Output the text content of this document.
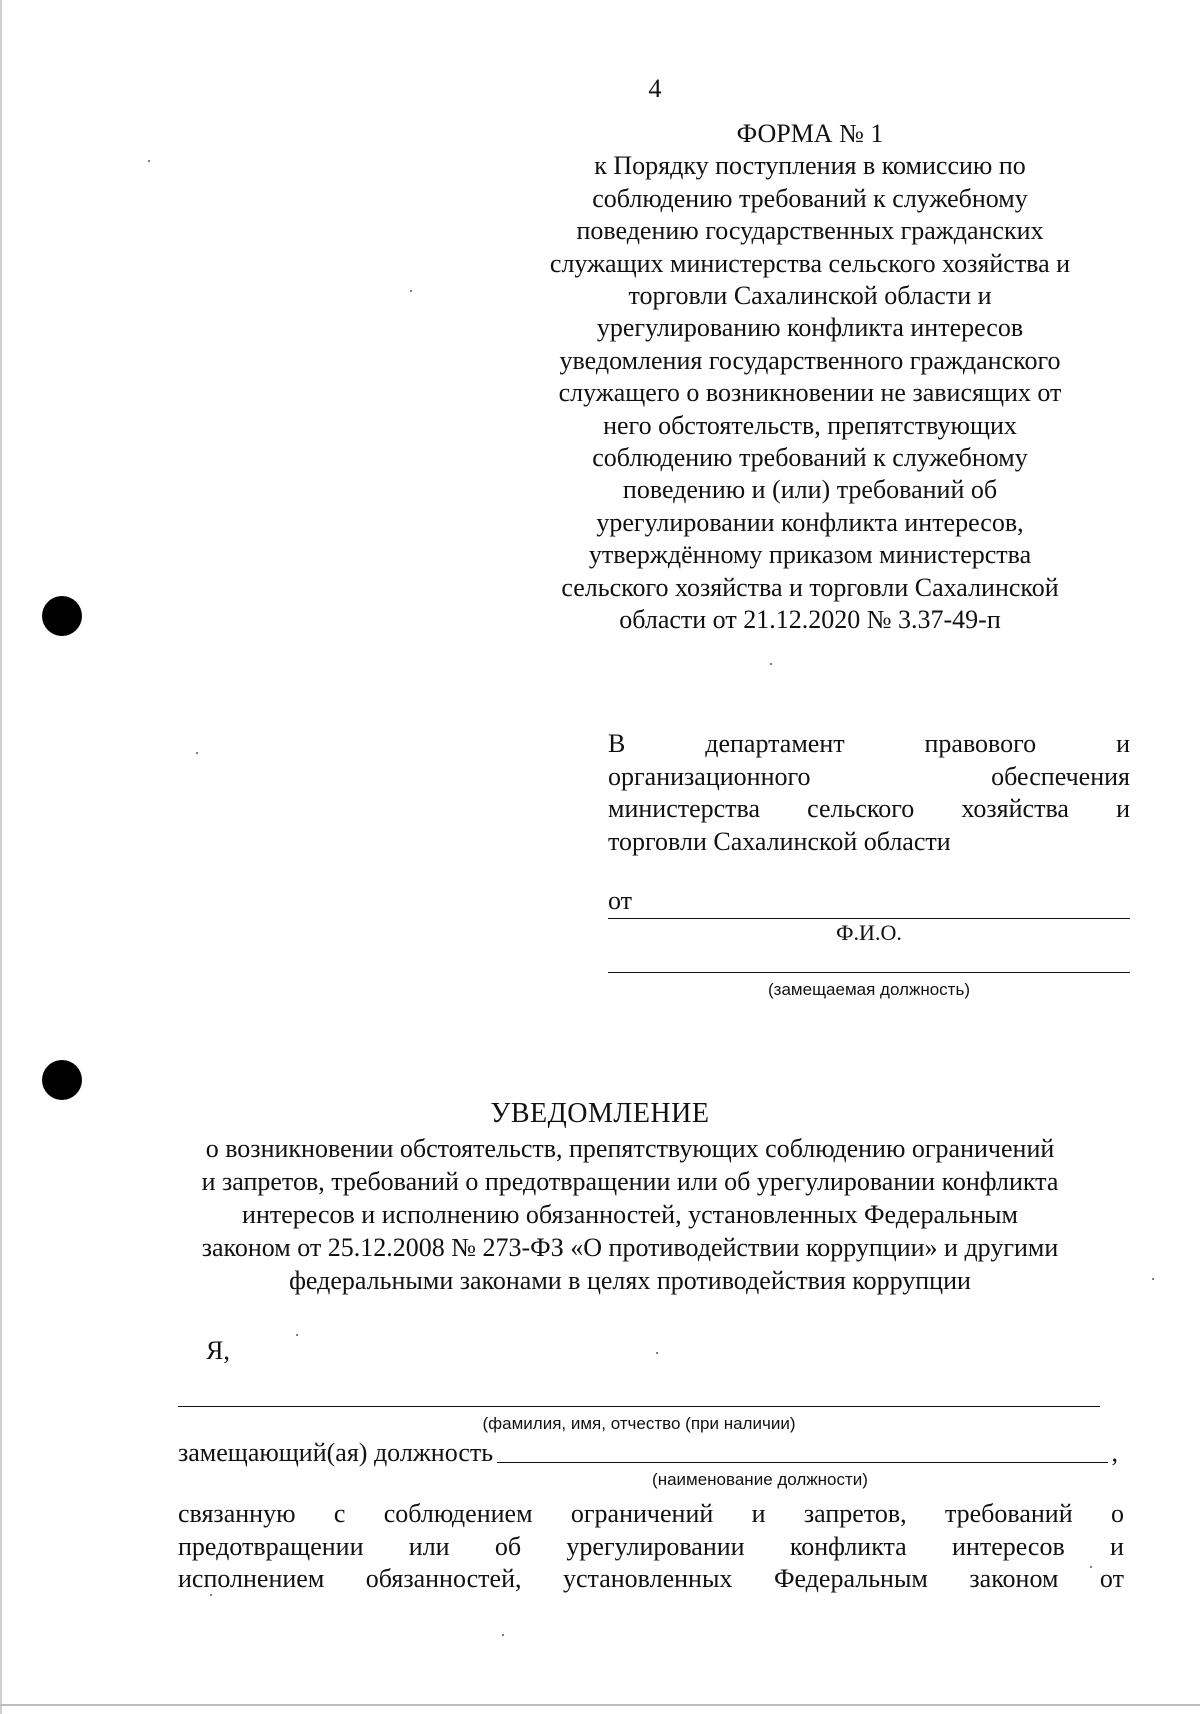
4
ФОРМА № 1
к Порядку поступления в комиссию по
соблюдению требований к служебному
поведению государственных гражданских
служащих министерства сельского хозяйства и
торговли Сахалинской области и
урегулированию конфликта интересов
уведомления государственного гражданского
служащего о возникновении не зависящих от
него обстоятельств, препятствующих
соблюдению требований к служебному
поведению и (или) требований об
урегулировании конфликта интересов,
утверждённому приказом министерства
сельского хозяйства и торговли Сахалинской
области от 21.12.2020 № 3.37-49-п
В	департамент	правового	и
организационного	обеспечения
министерства сельского хозяйства и
торговли Сахалинской области
от
Ф.И.О.
(замещаемая должность)
УВЕДОМЛЕНИЕ
о возникновении обстоятельств, препятствующих соблюдению ограничений
и запретов, требований о предотвращении или об урегулировании конфликта
интересов и исполнению обязанностей, установленных Федеральным
законом от 25.12.2008 № 273-ФЗ «О противодействии коррупции» и другими
федеральными законами в целях противодействия коррупции
Я,
(фамилия, имя, отчество (при наличии)
замещающий(ая) должность	,
(наименование должности)
связанную с соблюдением ограничений и запретов, требований о
предотвращении или об урегулировании конфликта интересов и
исполнением обязанностей, установленных Федеральным законом от
